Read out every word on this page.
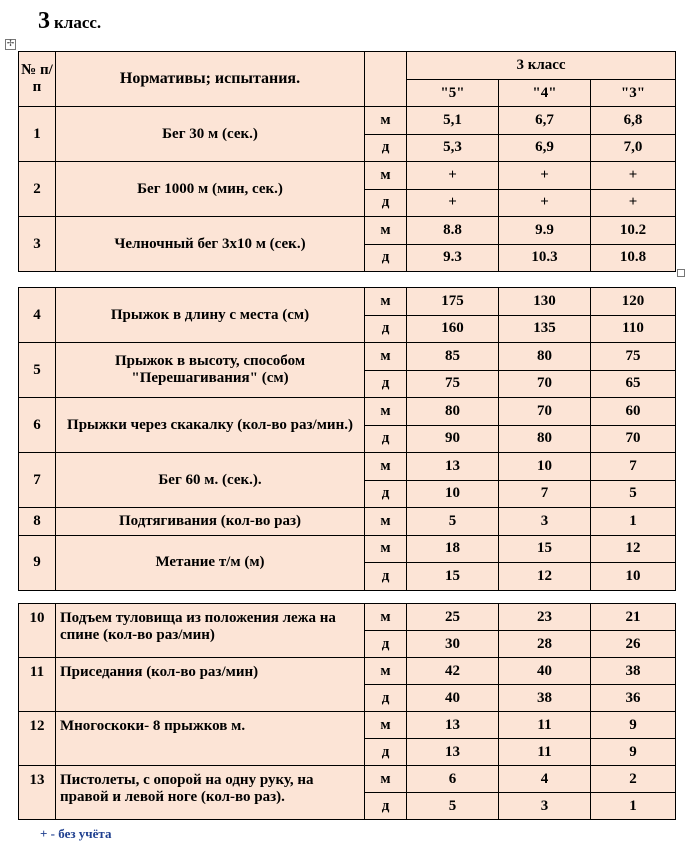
3 класс.
✢
№ п/п	Нормативы; испытания.		3 класс		
			"5"	"4"	"3"
1	Бег 30 м (сек.)	м	5,1	6,7	6,8
		д	5,3	6,9	7,0
2	Бег 1000 м (мин, сек.)	м	+	+	+
		д	+	+	+
3	Челночный бег 3х10 м (сек.)	м	8.8	9.9	10.2
		д	9.3	10.3	10.8
4	Прыжок в длину с места (см)	м	175	130	120
		д	160	135	110
5	Прыжок в высоту, способом "Перешагивания" (см)	м	85	80	75
		д	75	70	65
6	Прыжки через скакалку (кол-во раз/мин.)	м	80	70	60
		д	90	80	70
7	Бег 60 м. (сек.).	м	13	10	7
		д	10	7	5
8	Подтягивания (кол-во раз)	м	5	3	1
9	Метание т/м (м)	м	18	15	12
		д	15	12	10
10	Подъем туловища из положения лежа на спине (кол-во раз/мин)	м	25	23	21
		д	30	28	26
11	Приседания (кол-во раз/мин)	м	42	40	38
		д	40	38	36
12	Многоскоки- 8 прыжков м.	м	13	11	9
		д	13	11	9
13	Пистолеты, с опорой на одну руку, на правой и левой ноге (кол-во раз).	м	6	4	2
		д	5	3	1
+ - без учёта
